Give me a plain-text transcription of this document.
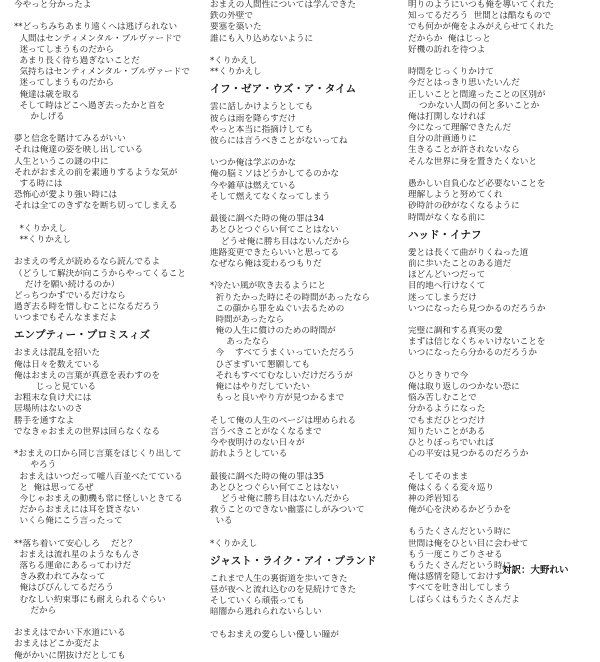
今やっと分かったよ
**どっちみちあまり遠くへは逃げられない
人間はセンティメンタル・ブルヴァードで
迷ってしまうものだから
あまり長く待ち過ぎないことだ
気持ちはセンティメンタル・ブルヴァードで
迷ってしまうものだから
俺達は歳を取る
そして時はどこへ過ぎ去ったかと首を
かしげる
夢と信念を賭けてみるがいい
それは俺達の姿を映し出している
人生というこの謎の中に
それがおまえの前を素通りするような気が
する時には
恐怖心が愛より強い時には
それは全てのきずなを断ち切ってしまえる
*くりかえし
**くりかえし
おまえの考えが読めるなら読んでるよ
（どうして解決が向こうからやってくること
だけを願い続けるのか）
どっちつかずでいるだけなら
過ぎ去る時を惜しむことになるだろう
いつまでもそんなままだよ
エンプティー・プロミスィズ
おまえは混乱を招いた
俺は日々を数えている
俺はおまえの言葉が真意を表わすのを
じっと見ている
お粗末な負け犬には
居場所はないのさ
勝手を通すなよ
でなきゃおまえの世界は回らなくなる
*おまえの口から同じ言葉をほじくり出して
やろう
おまえはいつだって嘘八百並べたてている
と  俺は思ってるぜ
今じゃおまえの動機も常に怪しいときてる
だからおまえには耳を貸さない
いくら俺にこう言ったって
**落ち着いて安心しろ    だと？
おまえは流れ星のようなもんさ
落ちる運命にあるってわけだ
きみ救われてみなって
俺はびびんしてるだろう
むなしい約束事にも耐えられるぐらい
だから
おまえはでかい下水道にいる
おまえはどこか変だよ
俺がかいに閉抜けだとしても
おまえの人間性については学んできた
鉄の外壁で
要塞を築いた
誰にも入り込めないように
*くりかえし
**くりかえし
イフ・ゼア・ウズ・ア・タイム
雲に話しかけようとしても
彼らは雨を降らすだけ
やっと本当に指摘けしても
彼らには言うべきことがないってね
いつか俺は学ぶのかな
俺の脳ミソはどうかしてるのかな
今や雑草は燃えている
そして燃えてなくなってしまう
最後に調べた時の俺の罪は34
あとひとつぐらい何てことはない
どうせ俺に勝ち目はないんだから
進路変更できたらいいと思ってる
なぜなら俺は変わるつもりだ
*冷たい風が吹き去るようにと
祈りたかった時にその時間があったなら
この顔から罪をぬぐい去るための
時間があったなら
俺の人生に償けのための時間が
あったなら
今    すべてうまくいっていただろう
ひざまずいて懇願しても
それもすべてむなしいだけだろうが
俺にはやりだしていたい
もっと良いやり方が見つかるまで
そして俺の人生のページは埋められる
言うべきことがなくなるまで
今や夜明けのない日々が
訪れようとしている
最後に調べた時の俺の罪は35
あとひとつぐらい何てことはない
どうせ俺に勝ち目はないんだから
救うことのできない幽霊にしがみついて
いる
*くりかえし
ジャスト・ライク・アイ・プランド
これまで人生の裏街道を歩いてきた
昼が夜へと流れ込むのを見続けてきた
そしていくら頑張っても
暗闇から逃れられないらしい
でもおまえの愛らしい優しい瞳が
明りのようにいつも俺を導いてくれた
知ってるだろう  世間とは酷なもので
でも何かが俺をよみがえらせてくれた
だからか  俺はじっと
好機の訪れを待つよ
時間をじっくりかけて
今だとはっきり思いたいんだ
正しいことと間違ったことの区別が
つかない人間の何と多いことか
俺は打開しなければ
今になって理解できたんだ
自分の計画通りに
生きることが許されないなら
そんな世界に身を置きたくないと
愚かしい自負心など必要ないことを
理解しようと努めてくれ
砂時計の砂がなくなるように
時間がなくなる前に
ハッド・イナフ
愛とは長くて曲がりくねった道
前に歩いたことのある道だ
ほどんどいつだって
目的地へ行けなくて
迷ってしまうだけ
いつになったら見つかるのだろうか
完璧に調和する真実の愛
まずは信じなくちゃいけないことを
いつになったら分かるのだろうか
ひとりきりで今
俺は取り返しのつかない恐に
悩み苦しむことで
分かるようになった
でもまだひとつだけ
知りたいことがある
ひとりぼっちでいれば
心の平安は見つかるのだろうか
そしてそのまま
俺はくるくる変々巡り
神の斧岩知る
俺が心を決めるかどうかを
もうたくさんだという時に
世間は俺をひとい目に会わせて
もう一度こりごりさせる
もうたくさんだという時に
俺は感情を隠しておけず
すべてを吐き出してしまう
しばらくはもうたくさんだよ
対訳：大野れい
